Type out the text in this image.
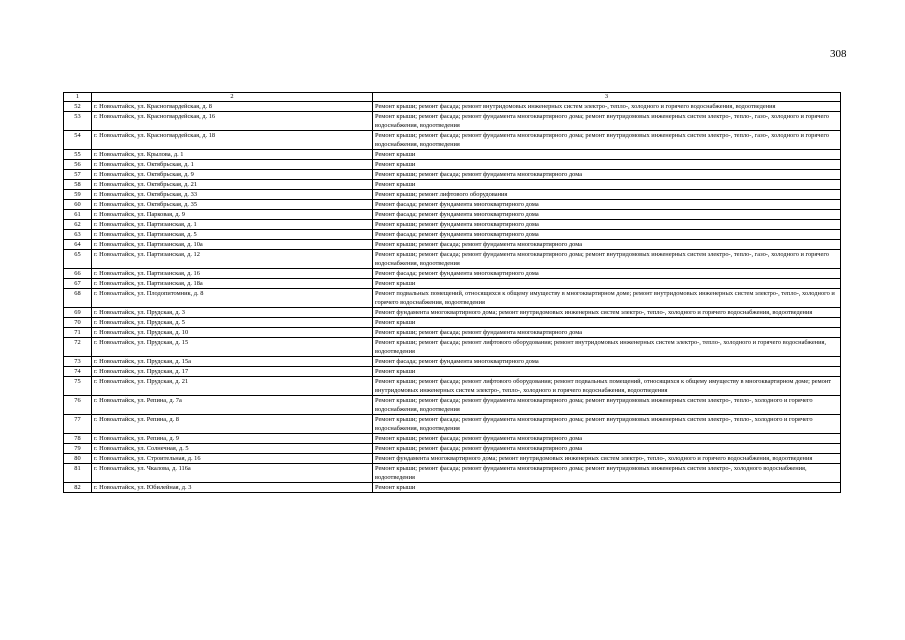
308
1	2	3
52	г. Новоалтайск, ул. Красногвардейская, д. 8	Ремонт крыши; ремонт фасада; ремонт внутридомовых инженерных систем электро-, тепло-, холодного и горячего водоснабжения, водоотведения
53	г. Новоалтайск, ул. Красногвардейская, д. 16	Ремонт крыши; ремонт фасада; ремонт фундамента многоквартирного дома; ремонт внутридомовых инженерных систем электро-, тепло-, газо-, холодного и горячего водоснабжения, водоотведения
54	г. Новоалтайск, ул. Красногвардейская, д. 18	Ремонт крыши; ремонт фасада; ремонт фундамента многоквартирного дома; ремонт внутридомовых инженерных систем электро-, тепло-, газо-, холодного и горячего водоснабжения, водоотведения
55	г. Новоалтайск, ул. Крылова, д. 1	Ремонт крыши
56	г. Новоалтайск, ул. Октябрьская, д. 1	Ремонт крыши
57	г. Новоалтайск, ул. Октябрьская, д. 9	Ремонт крыши; ремонт фасада; ремонт фундамента многоквартирного дома
58	г. Новоалтайск, ул. Октябрьская, д. 21	Ремонт крыши
59	г. Новоалтайск, ул. Октябрьская, д. 33	Ремонт крыши; ремонт лифтового оборудования
60	г. Новоалтайск, ул. Октябрьская, д. 35	Ремонт фасада; ремонт фундамента многоквартирного дома
61	г. Новоалтайск, ул. Парковая, д. 9	Ремонт фасада; ремонт фундамента многоквартирного дома
62	г. Новоалтайск, ул. Партизанская, д. 1	Ремонт крыши; ремонт фундамента многоквартирного дома
63	г. Новоалтайск, ул. Партизанская, д. 5	Ремонт фасада; ремонт фундамента многоквартирного дома
64	г. Новоалтайск, ул. Партизанская, д. 10а	Ремонт крыши; ремонт фасада; ремонт фундамента многоквартирного дома
65	г. Новоалтайск, ул. Партизанская, д. 12	Ремонт крыши; ремонт фасада; ремонт фундамента многоквартирного дома; ремонт внутридомовых инженерных систем электро-, тепло-, газо-, холодного и горячего водоснабжения, водоотведения
66	г. Новоалтайск, ул. Партизанская, д. 16	Ремонт фасада; ремонт фундамента многоквартирного дома
67	г. Новоалтайск, ул. Партизанская, д. 18а	Ремонт крыши
68	г. Новоалтайск, ул. Плодопитомник, д. 8	Ремонт подвальных помещений, относящихся к общему имуществу в многоквартирном доме; ремонт внутридомовых инженерных систем электро-, тепло-, холодного и горячего водоснабжения, водоотведения
69	г. Новоалтайск, ул. Прудская, д. 3	Ремонт фундамента многоквартирного дома; ремонт внутридомовых инженерных систем электро-, тепло-, холодного и горячего водоснабжения, водоотведения
70	г. Новоалтайск, ул. Прудская, д. 5	Ремонт крыши
71	г. Новоалтайск, ул. Прудская, д. 10	Ремонт крыши; ремонт фасада; ремонт фундамента многоквартирного дома
72	г. Новоалтайск, ул. Прудская, д. 15	Ремонт крыши; ремонт фасада; ремонт лифтового оборудования; ремонт внутридомовых инженерных систем электро-, тепло-, холодного и горячего водоснабжения, водоотведения
73	г. Новоалтайск, ул. Прудская, д. 15а	Ремонт фасада; ремонт фундамента многоквартирного дома
74	г. Новоалтайск, ул. Прудская, д. 17	Ремонт крыши
75	г. Новоалтайск, ул. Прудская, д. 21	Ремонт крыши; ремонт фасада; ремонт лифтового оборудования; ремонт подвальных помещений, относящихся к общему имуществу в многоквартирном доме; ремонт внутридомовых инженерных систем электро-, тепло-, холодного и горячего водоснабжения, водоотведения
76	г. Новоалтайск, ул. Репина, д. 7а	Ремонт крыши; ремонт фасада; ремонт фундамента многоквартирного дома; ремонт внутридомовых инженерных систем электро-, тепло-, холодного и горячего водоснабжения, водоотведения
77	г. Новоалтайск, ул. Репина, д. 8	Ремонт крыши; ремонт фасада; ремонт фундамента многоквартирного дома; ремонт внутридомовых инженерных систем электро-, тепло-, холодного и горячего водоснабжения, водоотведения
78	г. Новоалтайск, ул. Репина, д. 9	Ремонт крыши; ремонт фасада; ремонт фундамента многоквартирного дома
79	г. Новоалтайск, ул. Солнечная, д. 5	Ремонт крыши; ремонт фасада; ремонт фундамента многоквартирного дома
80	г. Новоалтайск, ул. Строительная, д. 16	Ремонт фундамента многоквартирного дома; ремонт внутридомовых инженерных систем электро-, тепло-, холодного и горячего водоснабжения, водоотведения
81	г. Новоалтайск, ул. Чкалова, д. 116а	Ремонт крыши; ремонт фасада; ремонт фундамента многоквартирного дома; ремонт внутридомовых инженерных систем электро-, холодного водоснабжения, водоотведения
82	г. Новоалтайск, ул. Юбилейная, д. 3	Ремонт крыши
